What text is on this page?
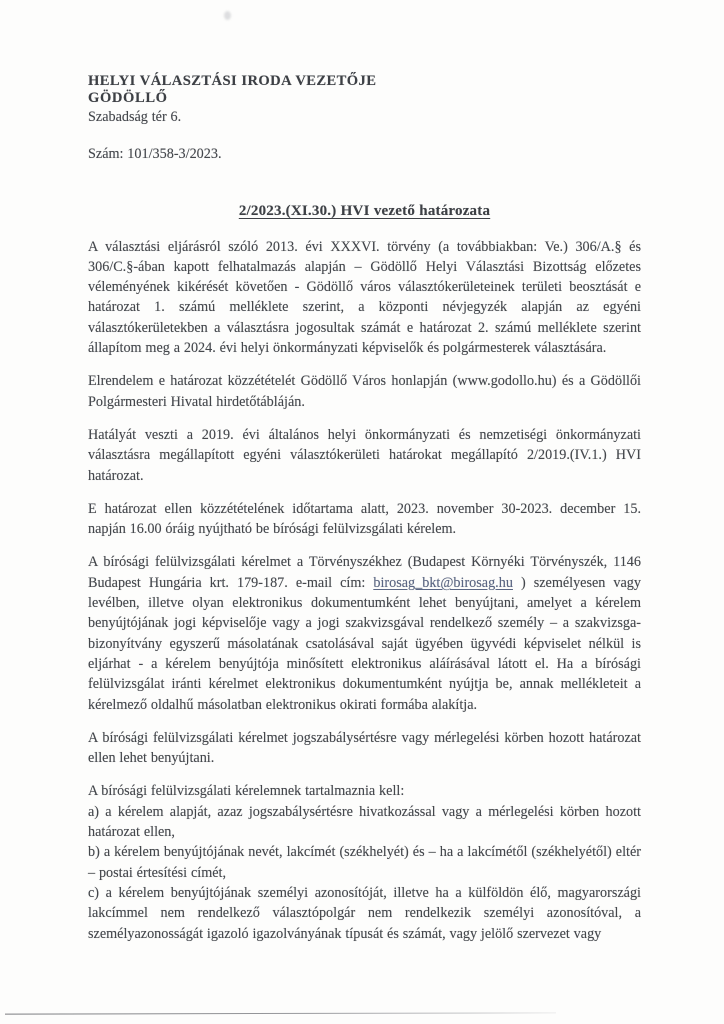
HELYI VÁLASZTÁSI IRODA VEZETŐJE
GÖDÖLLŐ
Szabadság tér 6.
Szám: 101/358-3/2023.
2/2023.(XI.30.) HVI vezető határozata
A választási eljárásról szóló 2013. évi XXXVI. törvény (a továbbiakban: Ve.) 306/A.§ és 306/C.§-ában kapott felhatalmazás alapján – Gödöllő Helyi Választási Bizottság előzetes véleményének kikérését követően - Gödöllő város választókerületeinek területi beosztását e határozat 1. számú melléklete szerint, a központi névjegyzék alapján az egyéni választókerületekben a választásra jogosultak számát e határozat 2. számú melléklete szerint állapítom meg a 2024. évi helyi önkormányzati képviselők és polgármesterek választására.
Elrendelem e határozat közzétételét Gödöllő Város honlapján (www.godollo.hu) és a Gödöllői Polgármesteri Hivatal hirdetőtábláján.
Hatályát veszti a 2019. évi általános helyi önkormányzati és nemzetiségi önkormányzati választásra megállapított egyéni választókerületi határokat megállapító 2/2019.(IV.1.) HVI határozat.
E határozat ellen közzétételének időtartama alatt, 2023. november 30-2023. december 15. napján 16.00 óráig nyújtható be bírósági felülvizsgálati kérelem.
A bírósági felülvizsgálati kérelmet a Törvényszékhez (Budapest Környéki Törvényszék, 1146 Budapest Hungária krt. 179-187. e-mail cím: birosag_bkt@birosag.hu ) személyesen vagy levélben, illetve olyan elektronikus dokumentumként lehet benyújtani, amelyet a kérelem benyújtójának jogi képviselője vagy a jogi szakvizsgával rendelkező személy – a szakvizsga-bizonyítvány egyszerű másolatának csatolásával saját ügyében ügyvédi képviselet nélkül is eljárhat - a kérelem benyújtója minősített elektronikus aláírásával látott el. Ha a bírósági felülvizsgálat iránti kérelmet elektronikus dokumentumként nyújtja be, annak mellékleteit a kérelmező oldalhű másolatban elektronikus okirati formába alakítja.
A bírósági felülvizsgálati kérelmet jogszabálysértésre vagy mérlegelési körben hozott határozat ellen lehet benyújtani.
A bírósági felülvizsgálati kérelemnek tartalmaznia kell:
a) a kérelem alapját, azaz jogszabálysértésre hivatkozással vagy a mérlegelési körben hozott határozat ellen,
b) a kérelem benyújtójának nevét, lakcímét (székhelyét) és – ha a lakcímétől (székhelyétől) eltér – postai értesítési címét,
c) a kérelem benyújtójának személyi azonosítóját, illetve ha a külföldön élő, magyarországi lakcímmel nem rendelkező választópolgár nem rendelkezik személyi azonosítóval, a személyazonosságát igazoló igazolványának típusát és számát, vagy jelölő szervezet vagy
